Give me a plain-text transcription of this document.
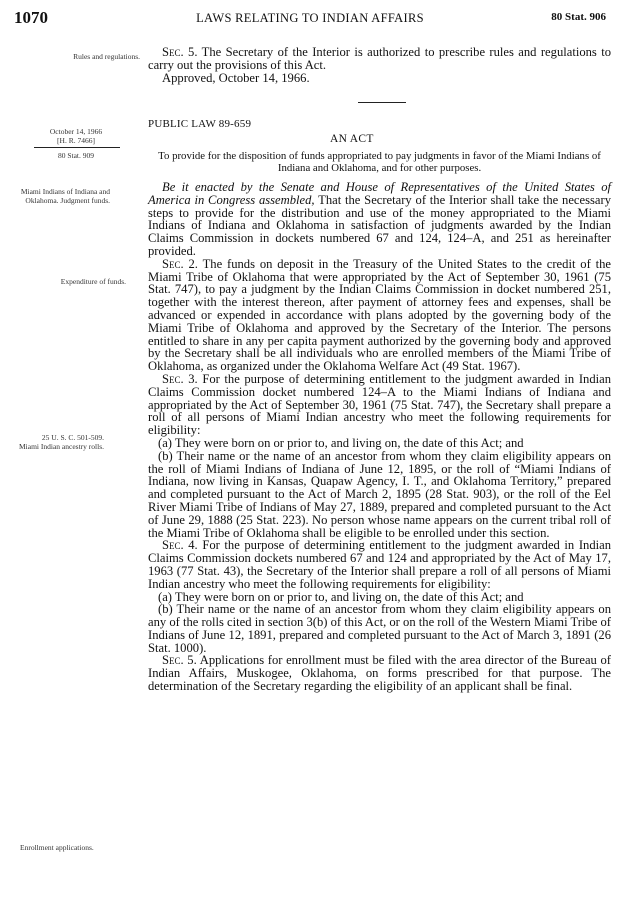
1070	LAWS RELATING TO INDIAN AFFAIRS	80 Stat. 906
Rules and regulations.
October 14, 1966
[H. R. 7466]
80 Stat. 909
Miami Indians of Indiana and Oklahoma. Judgment funds.
Expenditure of funds.
25 U. S. C. 501-509.
Miami Indian ancestry rolls.
Enrollment applications.

Sec. 5. The Secretary of the Interior is authorized to prescribe rules and regulations to carry out the provisions of this Act.

Approved, October 14, 1966.

PUBLIC LAW 89-659
AN ACT
To provide for the disposition of funds appropriated to pay judgments in favor of the Miami Indians of Indiana and Oklahoma, and for other purposes.

Be it enacted by the Senate and House of Representatives of the United States of America in Congress assembled, That the Secretary of the Interior shall take the necessary steps to provide for the distribution and use of the money appropriated to the Miami Indians of Indiana and Oklahoma in satisfaction of judgments awarded by the Indian Claims Commission in dockets numbered 67 and 124, 124–A, and 251 as hereinafter provided.

Sec. 2. The funds on deposit in the Treasury of the United States to the credit of the Miami Tribe of Oklahoma that were appropriated by the Act of September 30, 1961 (75 Stat. 747), to pay a judgment by the Indian Claims Commission in docket numbered 251, together with the interest thereon, after payment of attorney fees and expenses, shall be advanced or expended in accordance with plans adopted by the governing body of the Miami Tribe of Oklahoma and approved by the Secretary of the Interior. The persons entitled to share in any per capita payment authorized by the governing body and approved by the Secretary shall be all individuals who are enrolled members of the Miami Tribe of Oklahoma, as organized under the Oklahoma Welfare Act (49 Stat. 1967).

Sec. 3. For the purpose of determining entitlement to the judgment awarded in Indian Claims Commission docket numbered 124–A to the Miami Indians of Indiana and appropriated by the Act of September 30, 1961 (75 Stat. 747), the Secretary shall prepare a roll of all persons of Miami Indian ancestry who meet the following requirements for eligibility:

(a) They were born on or prior to, and living on, the date of this Act; and

(b) Their name or the name of an ancestor from whom they claim eligibility appears on the roll of Miami Indians of Indiana of June 12, 1895, or the roll of “Miami Indians of Indiana, now living in Kansas, Quapaw Agency, I. T., and Oklahoma Territory,” prepared and completed pursuant to the Act of March 2, 1895 (28 Stat. 903), or the roll of the Eel River Miami Tribe of Indians of May 27, 1889, prepared and completed pursuant to the Act of June 29, 1888 (25 Stat. 223). No person whose name appears on the current tribal roll of the Miami Tribe of Oklahoma shall be eligible to be enrolled under this section.

Sec. 4. For the purpose of determining entitlement to the judgment awarded in Indian Claims Commission dockets numbered 67 and 124 and appropriated by the Act of May 17, 1963 (77 Stat. 43), the Secretary of the Interior shall prepare a roll of all persons of Miami Indian ancestry who meet the following requirements for eligibility:

(a) They were born on or prior to, and living on, the date of this Act; and

(b) Their name or the name of an ancestor from whom they claim eligibility appears on any of the rolls cited in section 3(b) of this Act, or on the roll of the Western Miami Tribe of Indians of June 12, 1891, prepared and completed pursuant to the Act of March 3, 1891 (26 Stat. 1000).

Sec. 5. Applications for enrollment must be filed with the area director of the Bureau of Indian Affairs, Muskogee, Oklahoma, on forms prescribed for that purpose. The determination of the Secretary regarding the eligibility of an applicant shall be final.
